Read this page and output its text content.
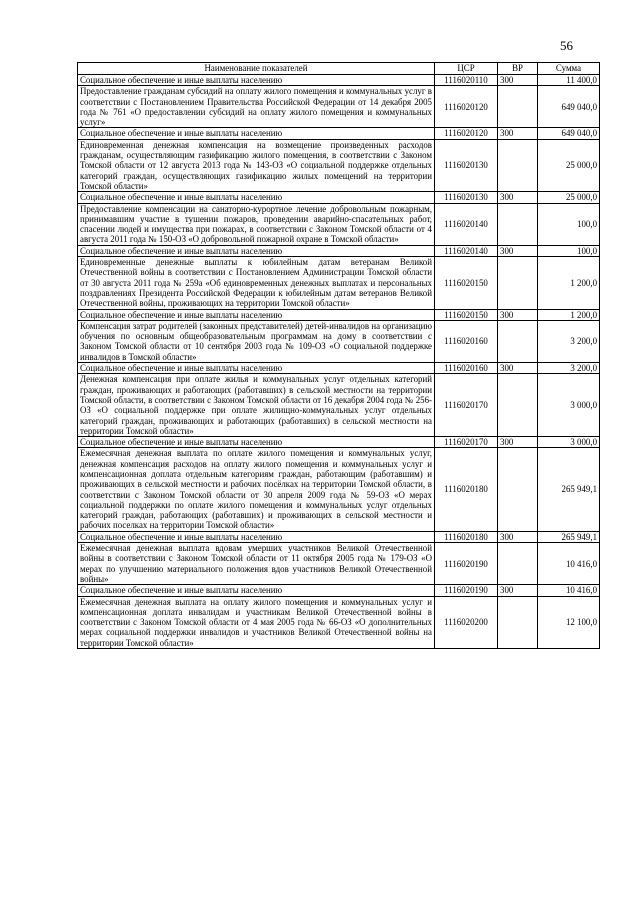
56
Наименование показателей	ЦСР	ВР	Сумма
Социальное обеспечение и иные выплаты населению	1116020110	300	11 400,0
Предоставление гражданам субсидий на оплату жилого помещения и коммунальных услуг в соответствии с Постановлением Правительства Российской Федерации от 14 декабря 2005 года № 761 «О предоставлении субсидий на оплату жилого помещения и коммунальных услуг»	1116020120		649 040,0
Социальное обеспечение и иные выплаты населению	1116020120	300	649 040,0
Единовременная денежная компенсация на возмещение произведенных расходов гражданам, осуществляющим газификацию жилого помещения, в соответствии с Законом Томской области от 12 августа 2013 года № 143-ОЗ «О социальной поддержке отдельных категорий граждан, осуществляющих газификацию жилых помещений на территории Томской области»	1116020130		25 000,0
Социальное обеспечение и иные выплаты населению	1116020130	300	25 000,0
Предоставление компенсации на санаторно-курортное лечение добровольным пожарным, принимавшим участие в тушении пожаров, проведении аварийно-спасательных работ, спасении людей и имущества при пожарах, в соответствии с Законом Томской области от 4 августа 2011 года № 150-ОЗ «О добровольной пожарной охране в Томской области»	1116020140		100,0
Социальное обеспечение и иные выплаты населению	1116020140	300	100,0
Единовременные денежные выплаты к юбилейным датам ветеранам Великой Отечественной войны в соответствии с Постановлением Администрации Томской области от 30 августа 2011 года № 259а «Об единовременных денежных выплатах и персональных поздравлениях Президента Российской Федерации к юбилейным датам ветеранов Великой Отечественной войны, проживающих на территории Томской области»	1116020150		1 200,0
Социальное обеспечение и иные выплаты населению	1116020150	300	1 200,0
Компенсация затрат родителей (законных представителей) детей-инвалидов на организацию обучения по основным общеобразовательным программам на дому в соответствии с Законом Томской области от 10 сентября 2003 года № 109-ОЗ «О социальной поддержке инвалидов в Томской области»	1116020160		3 200,0
Социальное обеспечение и иные выплаты населению	1116020160	300	3 200,0
Денежная компенсация при оплате жилья и коммунальных услуг отдельных категорий граждан, проживающих и работающих (работавших) в сельской местности на территории Томской области, в соответствии с Законом Томской области от 16 декабря 2004 года № 256-ОЗ «О социальной поддержке при оплате жилищно-коммунальных услуг отдельных категорий граждан, проживающих и работающих (работавших) в сельской местности на территории Томской области»	1116020170		3 000,0
Социальное обеспечение и иные выплаты населению	1116020170	300	3 000,0
Ежемесячная денежная выплата по оплате жилого помещения и коммунальных услуг, денежная компенсация расходов на оплату жилого помещения и коммунальных услуг и компенсационная доплата отдельным категориям граждан, работающим (работавшим) и проживающих в сельской местности и рабочих посёлках на территории Томской области, в соответствии с Законом Томской области от 30 апреля 2009 года № 59-ОЗ «О мерах социальной поддержки по оплате жилого помещения и коммунальных услуг отдельных категорий граждан, работающих (работавших) и проживающих в сельской местности и рабочих поселках на территории Томской области»	1116020180		265 949,1
Социальное обеспечение и иные выплаты населению	1116020180	300	265 949,1
Ежемесячная денежная выплата вдовам умерших участников Великой Отечественной войны в соответствии с Законом Томской области от 11 октября 2005 года № 179-ОЗ «О мерах по улучшению материального положения вдов участников Великой Отечественной войны»	1116020190		10 416,0
Социальное обеспечение и иные выплаты населению	1116020190	300	10 416,0
Ежемесячная денежная выплата на оплату жилого помещения и коммунальных услуг и компенсационная доплата инвалидам и участникам Великой Отечественной войны в соответствии с Законом Томской области от 4 мая 2005 года № 66-ОЗ «О дополнительных мерах социальной поддержки инвалидов и участников Великой Отечественной войны на территории Томской области»	1116020200		12 100,0
